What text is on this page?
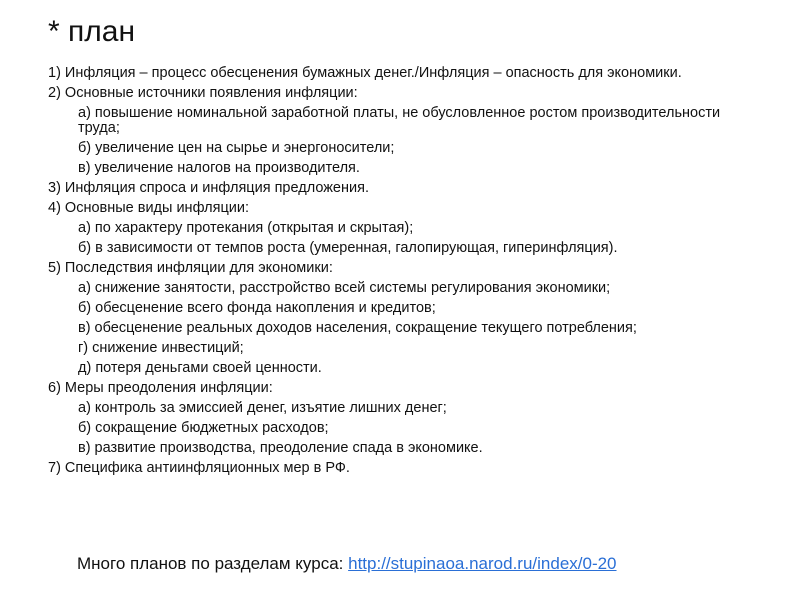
* план
1) Инфляция – процесс обесценения бумажных денег./Инфляция – опасность для экономики.
2) Основные источники появления инфляции:
а) повышение номинальной заработной платы, не обусловленное ростом производительности труда;
б) увеличение цен на сырье и энергоносители;
в) увеличение налогов на производителя.
3) Инфляция спроса и инфляция предложения.
4) Основные виды инфляции:
а) по характеру протекания (открытая и скрытая);
б) в зависимости от темпов роста (умеренная, галопирующая, гиперинфляция).
5) Последствия инфляции для экономики:
а) снижение занятости, расстройство всей системы регулирования экономики;
б) обесценение всего фонда накопления и кредитов;
в) обесценение реальных доходов населения, сокращение текущего потребления;
г) снижение инвестиций;
д) потеря деньгами своей ценности.
6) Меры преодоления инфляции:
а) контроль за эмиссией денег, изъятие лишних денег;
б) сокращение бюджетных расходов;
в) развитие производства, преодоление спада в экономике.
7) Специфика антиинфляционных мер в РФ.
Много планов по разделам курса: http://stupinaoa.narod.ru/index/0-20
